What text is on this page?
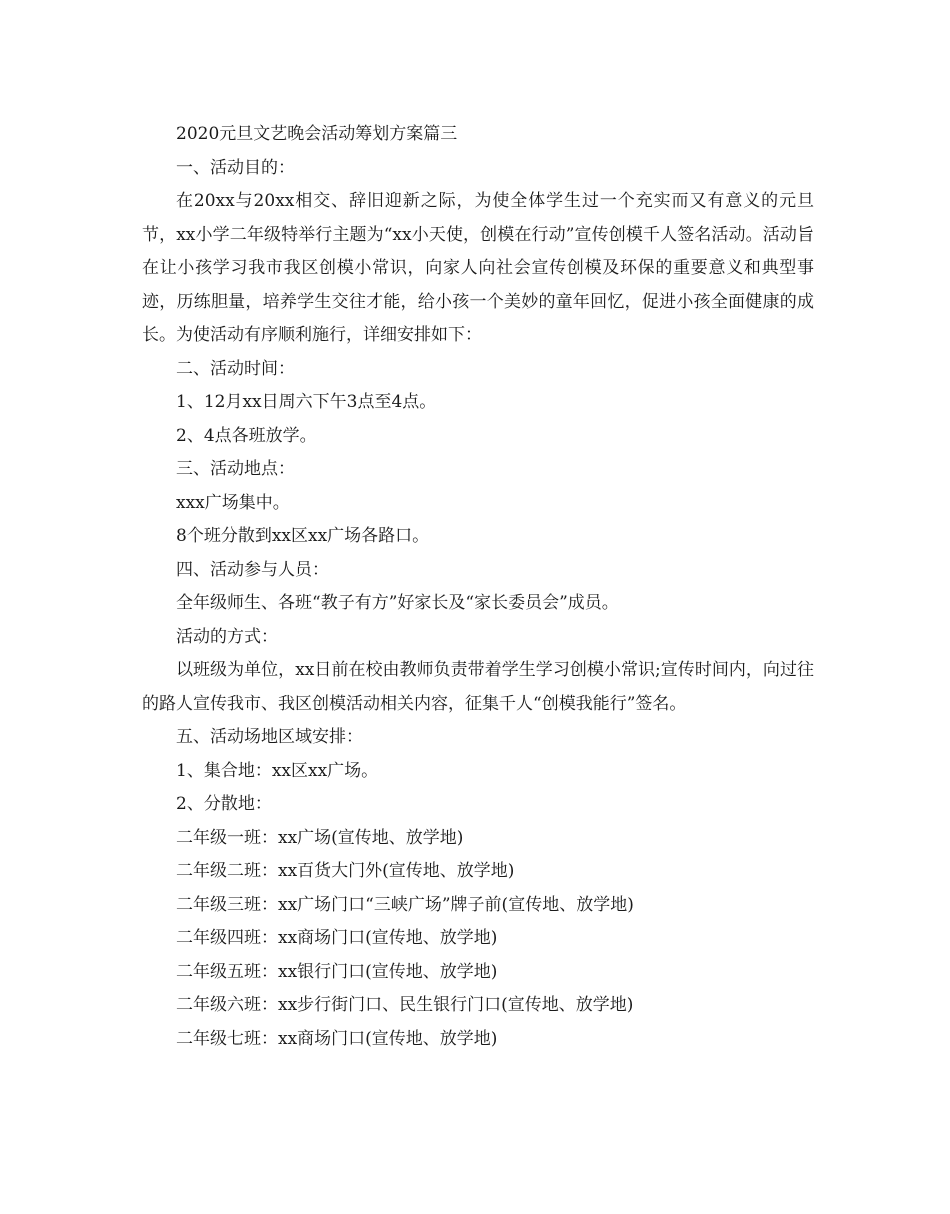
2020元旦文艺晚会活动筹划方案篇三

一、活动目的：

在20xx与20xx相交、辞旧迎新之际，为使全体学生过一个充实而又有意义的元旦节，xx小学二年级特举行主题为“xx小天使，创模在行动”宣传创模千人签名活动。活动旨在让小孩学习我市我区创模小常识，向家人向社会宣传创模及环保的重要意义和典型事迹，历练胆量，培养学生交往才能，给小孩一个美妙的童年回忆，促进小孩全面健康的成长。为使活动有序顺利施行，详细安排如下：

二、活动时间：

1、12月xx日周六下午3点至4点。

2、4点各班放学。

三、活动地点：

xxx广场集中。

8个班分散到xx区xx广场各路口。

四、活动参与人员：

全年级师生、各班“教子有方”好家长及“家长委员会”成员。

活动的方式：

以班级为单位，xx日前在校由教师负责带着学生学习创模小常识;宣传时间内，向过往的路人宣传我市、我区创模活动相关内容，征集千人“创模我能行”签名。

五、活动场地区域安排：

1、集合地：xx区xx广场。

2、分散地：

二年级一班：xx广场(宣传地、放学地)

二年级二班：xx百货大门外(宣传地、放学地)

二年级三班：xx广场门口“三峡广场”牌子前(宣传地、放学地)

二年级四班：xx商场门口(宣传地、放学地)

二年级五班：xx银行门口(宣传地、放学地)

二年级六班：xx步行街门口、民生银行门口(宣传地、放学地)

二年级七班：xx商场门口(宣传地、放学地)
